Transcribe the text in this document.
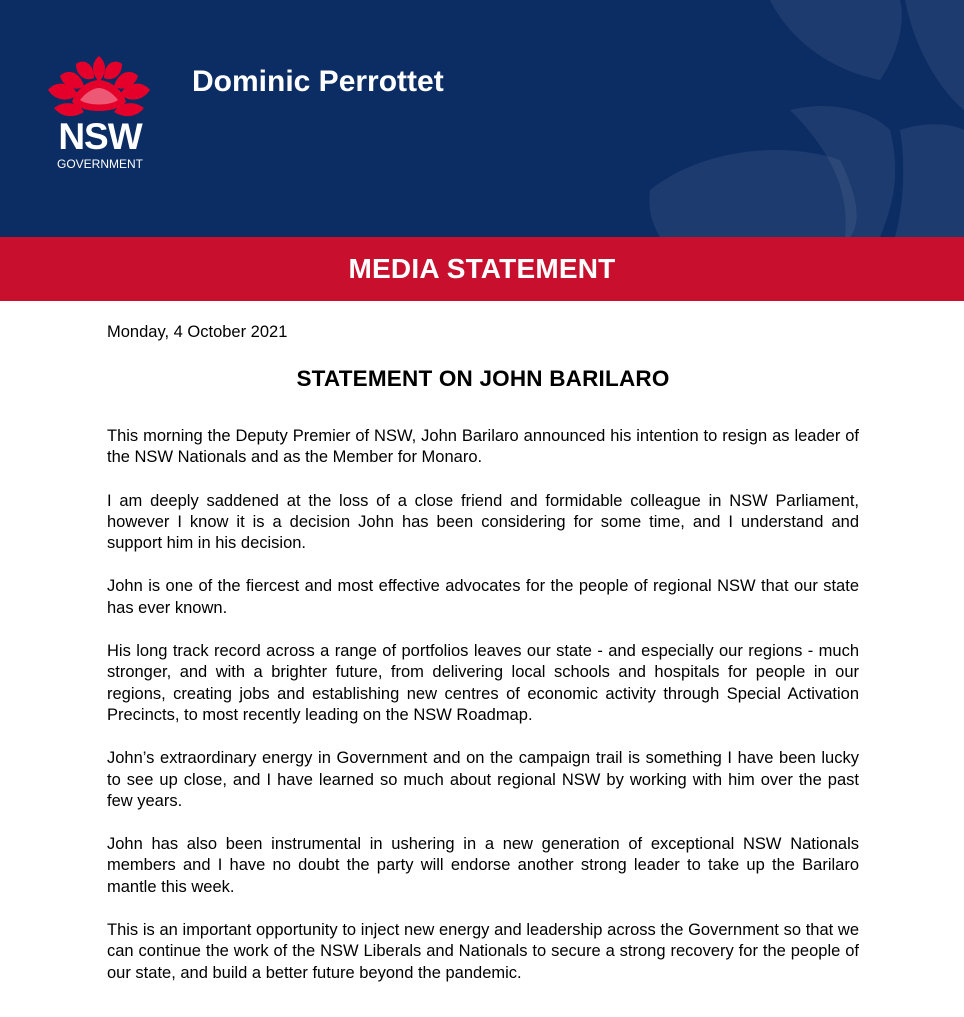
NSW
GOVERNMENT
Dominic Perrottet
MEDIA STATEMENT
Monday, 4 October 2021
STATEMENT ON JOHN BARILARO

This morning the Deputy Premier of NSW, John Barilaro announced his intention to resign as leader of the NSW Nationals and as the Member for Monaro.

I am deeply saddened at the loss of a close friend and formidable colleague in NSW Parliament, however I know it is a decision John has been considering for some time, and I understand and support him in his decision.

John is one of the fiercest and most effective advocates for the people of regional NSW that our state has ever known.

His long track record across a range of portfolios leaves our state - and especially our regions - much stronger, and with a brighter future, from delivering local schools and hospitals for people in our regions, creating jobs and establishing new centres of economic activity through Special Activation Precincts, to most recently leading on the NSW Roadmap.

John’s extraordinary energy in Government and on the campaign trail is something I have been lucky to see up close, and I have learned so much about regional NSW by working with him over the past few years.

John has also been instrumental in ushering in a new generation of exceptional NSW Nationals members and I have no doubt the party will endorse another strong leader to take up the Barilaro mantle this week.

This is an important opportunity to inject new energy and leadership across the Government so that we can continue the work of the NSW Liberals and Nationals to secure a strong recovery for the people of our state, and build a better future beyond the pandemic.
